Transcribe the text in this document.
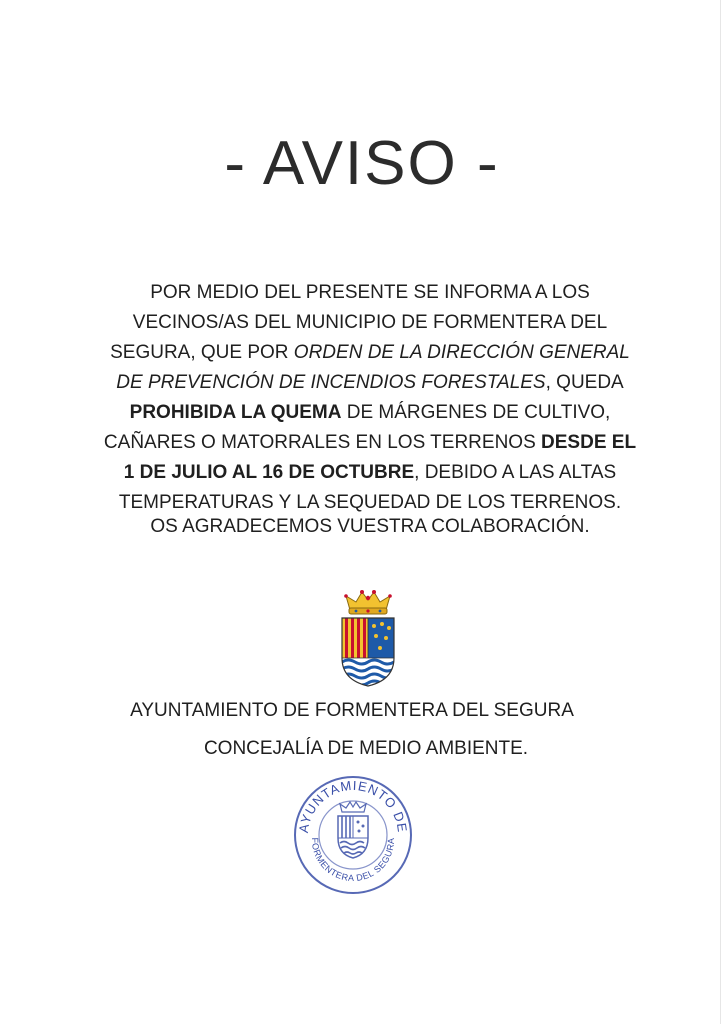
- AVISO -
POR MEDIO DEL PRESENTE SE INFORMA A LOS
VECINOS/AS DEL MUNICIPIO DE FORMENTERA DEL
SEGURA, QUE POR ORDEN DE LA DIRECCIÓN GENERAL
DE PREVENCIÓN DE INCENDIOS FORESTALES, QUEDA
PROHIBIDA LA QUEMA DE MÁRGENES DE CULTIVO,
CAÑARES O MATORRALES EN LOS TERRENOS DESDE EL
1 DE JULIO AL 16 DE OCTUBRE, DEBIDO A LAS ALTAS
TEMPERATURAS Y LA SEQUEDAD DE LOS TERRENOS.
OS AGRADECEMOS VUESTRA COLABORACIÓN.
AYUNTAMIENTO DE FORMENTERA DEL SEGURA
CONCEJALÍA DE MEDIO AMBIENTE.
AYUNTAMIENTO DE
FORMENTERA DEL SEGURA
